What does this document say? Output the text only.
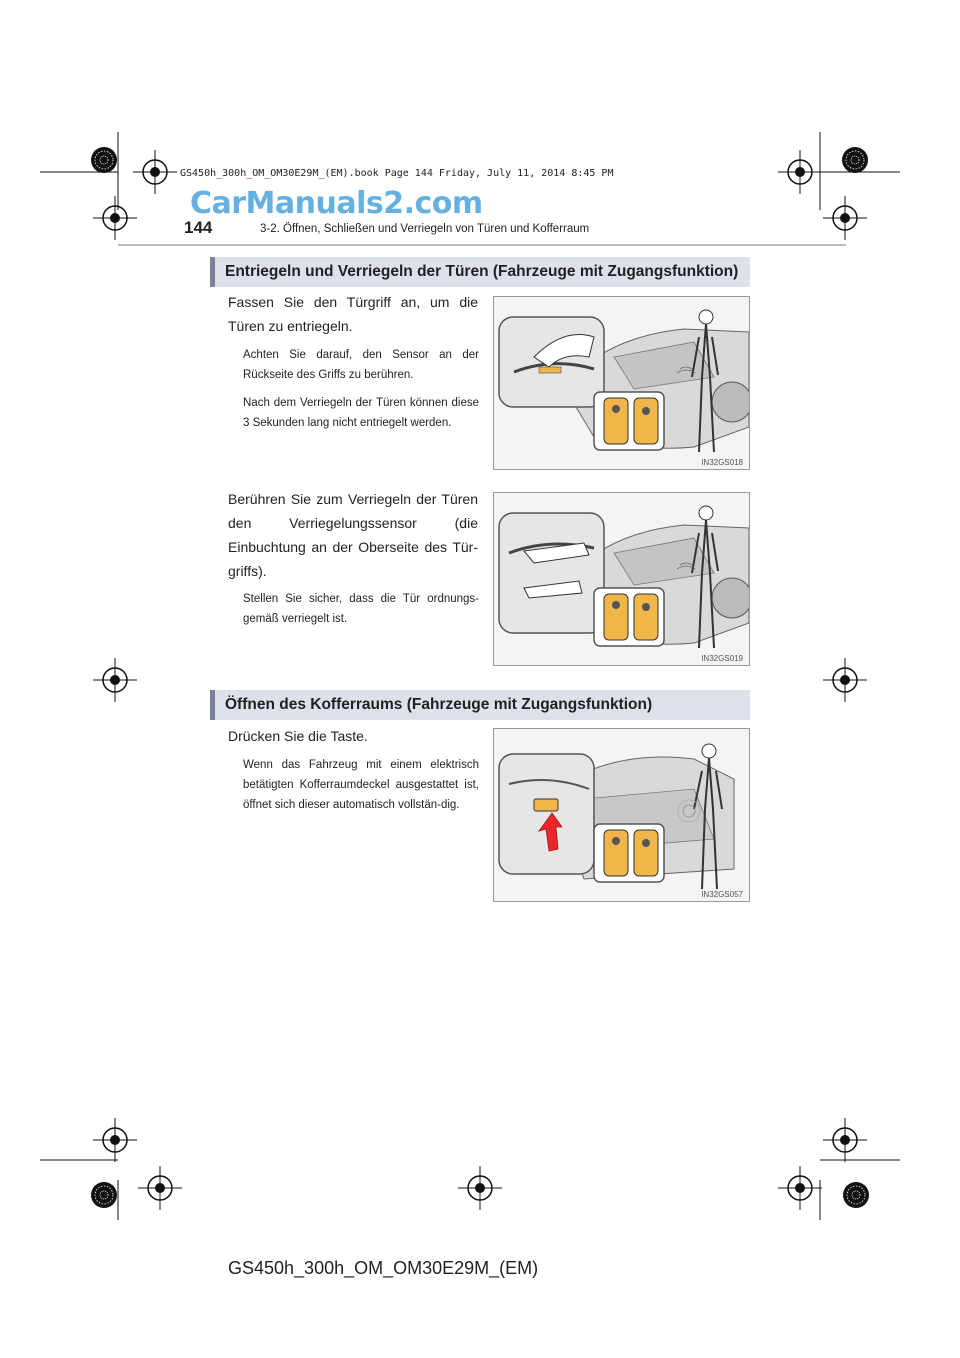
GS450h_300h_OM_OM30E29M_(EM).book Page 144 Friday, July 11, 2014 8:45 PM
CarManuals2.com
144	3-2. Öffnen, Schließen und Verriegeln von Türen und Kofferraum
Entriegeln und Verriegeln der Türen (Fahrzeuge mit Zugangsfunktion)
Fassen Sie den Türgriff an, um die Türen zu entriegeln.
Achten Sie darauf, den Sensor an der Rückseite des Griffs zu berühren.
Nach dem Verriegeln der Türen können diese 3 Sekunden lang nicht entriegelt werden.
IN32GS018
Berühren Sie zum Verriegeln der Türen den Verriegelungssensor (die Einbuchtung an der Oberseite des Tür-griffs).
Stellen Sie sicher, dass die Tür ordnungs-gemäß verriegelt ist.
IN32GS019
Öffnen des Kofferraums (Fahrzeuge mit Zugangsfunktion)
Drücken Sie die Taste.
Wenn das Fahrzeug mit einem elektrisch betätigten Kofferraumdeckel ausgestattet ist, öffnet sich dieser automatisch vollstän-dig.
IN32GS057
GS450h_300h_OM_OM30E29M_(EM)
